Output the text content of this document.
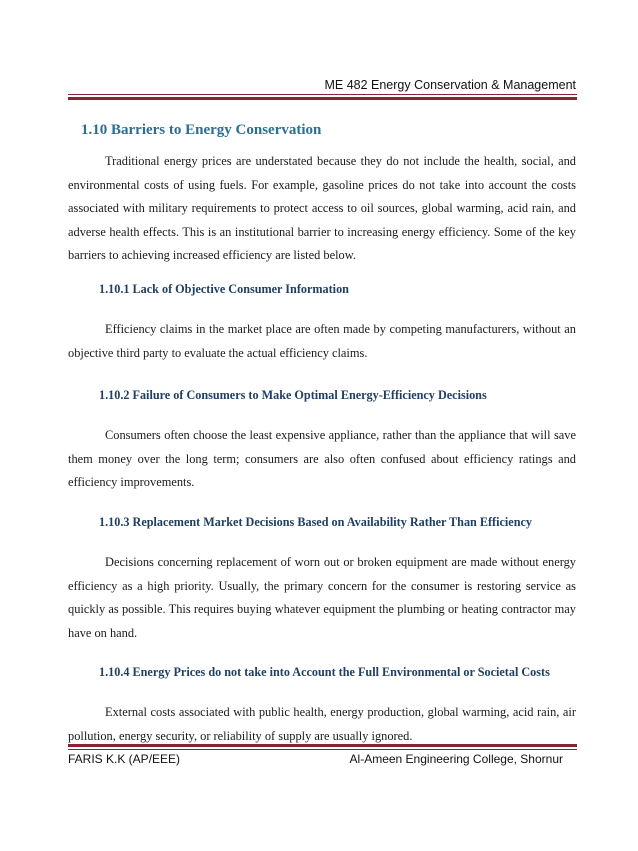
ME 482 Energy Conservation & Management
1.10 Barriers to Energy Conservation

Traditional energy prices are understated because they do not include the health, social, and environmental costs of using fuels. For example, gasoline prices do not take into account the costs associated with military requirements to protect access to oil sources, global warming, acid rain, and adverse health effects. This is an institutional barrier to increasing energy efficiency. Some of the key barriers to achieving increased efficiency are listed below.

1.10.1 Lack of Objective Consumer Information

Efficiency claims in the market place are often made by competing manufacturers, without an objective third party to evaluate the actual efficiency claims.

1.10.2 Failure of Consumers to Make Optimal Energy-Efficiency Decisions

Consumers often choose the least expensive appliance, rather than the appliance that will save them money over the long term; consumers are also often confused about efficiency ratings and efficiency improvements.

1.10.3 Replacement Market Decisions Based on Availability Rather Than Efficiency

Decisions concerning replacement of worn out or broken equipment are made without energy efficiency as a high priority. Usually, the primary concern for the consumer is restoring service as quickly as possible. This requires buying whatever equipment the plumbing or heating contractor may have on hand.

1.10.4 Energy Prices do not take into Account the Full Environmental or Societal Costs

External costs associated with public health, energy production, global warming, acid rain, air pollution, energy security, or reliability of supply are usually ignored.

FARIS K.K (AP/EEE)	Al-Ameen Engineering College, Shornur
